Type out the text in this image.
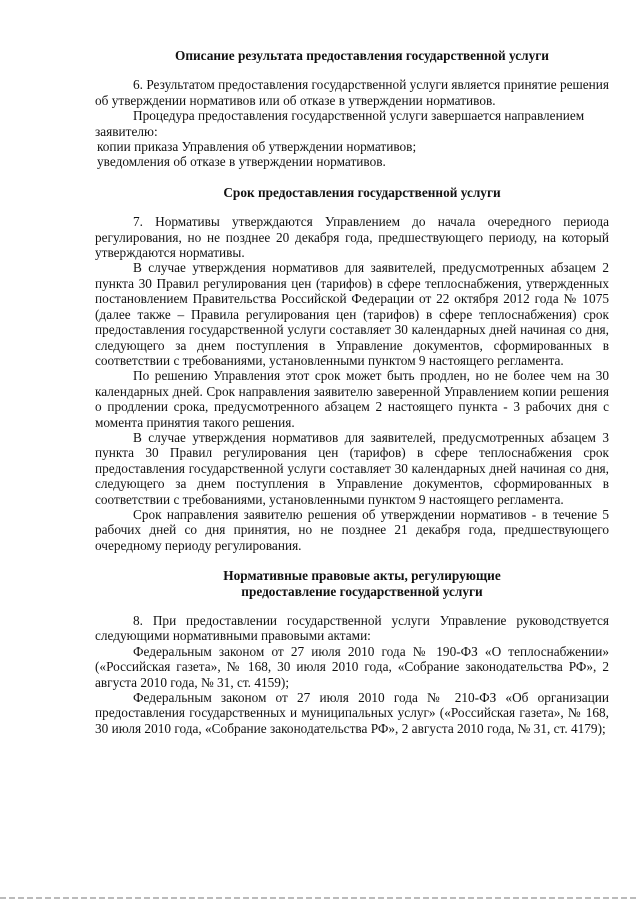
Описание результата предоставления государственной услуги

6. Результатом предоставления государственной услуги является принятие решения об утверждении нормативов или об отказе в утверждении нормативов.

Процедура предоставления государственной услуги завершается направлением заявителю:

копии приказа Управления об утверждении нормативов;

уведомления об отказе в утверждении нормативов.

Срок предоставления государственной услуги

7. Нормативы утверждаются Управлением до начала очередного периода регулирования, но не позднее 20 декабря года, предшествующего периоду, на который утверждаются нормативы.

В случае утверждения нормативов для заявителей, предусмотренных абзацем 2 пункта 30 Правил регулирования цен (тарифов) в сфере теплоснабжения, утвержденных постановлением Правительства Российской Федерации от 22 октября 2012 года № 1075 (далее также – Правила регулирования цен (тарифов) в сфере теплоснабжения) срок предоставления государственной услуги составляет 30 календарных дней начиная со дня, следующего за днем поступления в Управление документов, сформированных в соответствии с требованиями, установленными пунктом 9 настоящего регламента.

По решению Управления этот срок может быть продлен, но не более чем на 30 календарных дней. Срок направления заявителю заверенной Управлением копии решения о продлении срока, предусмотренного абзацем 2 настоящего пункта - 3 рабочих дня с момента принятия такого решения.

В случае утверждения нормативов для заявителей, предусмотренных абзацем 3 пункта 30 Правил регулирования цен (тарифов) в сфере теплоснабжения срок предоставления государственной услуги составляет 30 календарных дней начиная со дня, следующего за днем поступления в Управление документов, сформированных в соответствии с требованиями, установленными пунктом 9 настоящего регламента.

Срок направления заявителю решения об утверждении нормативов - в течение 5 рабочих дней со дня принятия, но не позднее 21 декабря года, предшествующего очередному периоду регулирования.

Нормативные правовые акты, регулирующие
предоставление государственной услуги

8. При предоставлении государственной услуги Управление руководствуется следующими нормативными правовыми актами:

Федеральным законом от 27 июля 2010 года № 190-ФЗ «О теплоснабжении» («Российская газета», № 168, 30 июля 2010 года, «Собрание законодательства РФ», 2 августа 2010 года, № 31, ст. 4159);

Федеральным законом от 27 июля 2010 года № 210-ФЗ «Об организации предоставления государственных и муниципальных услуг» («Российская газета», № 168, 30 июля 2010 года, «Собрание законодательства РФ», 2 августа 2010 года, № 31, ст. 4179);
